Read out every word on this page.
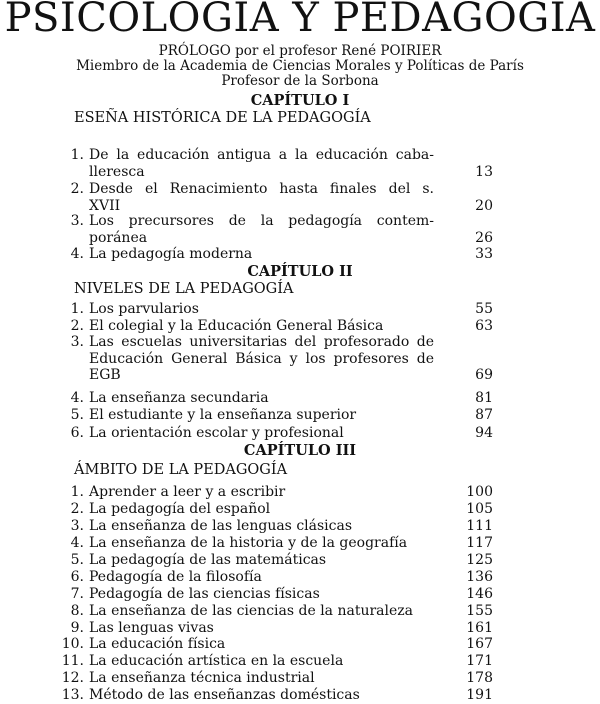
PSICOLOGIA Y PEDAGOGIA
PRÓLOGO por el profesor René POIRIER
Miembro de la Academia de Ciencias Morales y Políticas de París
Profesor de la Sorbona
CAPÍTULO I
ESEÑA HISTÓRICA DE LA PEDAGOGÍA
1. De la educación antigua a la educación caba-
lleresca	13
2. Desde el Renacimiento hasta finales del s.
XVII	20
3. Los precursores de la pedagogía contem-
poránea	26
4. La pedagogía moderna	33
CAPÍTULO II
NIVELES DE LA PEDAGOGÍA
1. Los parvularios	55
2. El colegial y la Educación General Básica	63
3. Las escuelas universitarias del profesorado de
Educación General Básica y los profesores de
EGB	69
4. La enseñanza secundaria	81
5. El estudiante y la enseñanza superior	87
6. La orientación escolar y profesional	94
CAPÍTULO III
ÁMBITO DE LA PEDAGOGÍA
1. Aprender a leer y a escribir	100
2. La pedagogía del español	105
3. La enseñanza de las lenguas clásicas	111
4. La enseñanza de la historia y de la geografía	117
5. La pedagogía de las matemáticas	125
6. Pedagogía de la filosofía	136
7. Pedagogía de las ciencias físicas	146
8. La enseñanza de las ciencias de la naturaleza	155
9. Las lenguas vivas	161
10. La educación física	167
11. La educación artística en la escuela	171
12. La enseñanza técnica industrial	178
13. Método de las enseñanzas domésticas	191
